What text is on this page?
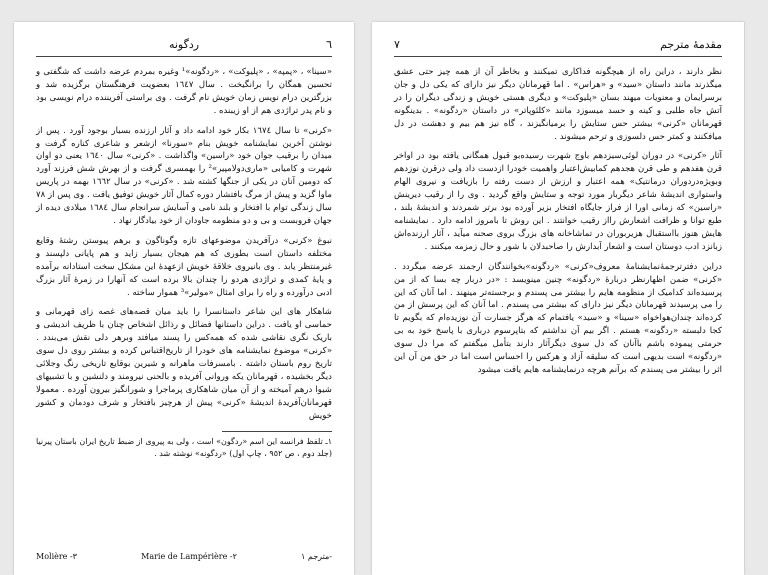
٦
ردگونه

«سینا» ، «پمپه» ، «پلیوکت» ، «ردگونه»¹ وغیره بمردم عرضه داشت که شگفتی و تحسین همگان را برانگیخت . سال ١٦٤٧ بعضویت فرهنگستان برگزیده شد و بزرگترین درام نویس زمان خویش نام گرفت . وی براستی آفریننده درام نویسی بود و نام پدر تراژدی هم از او زیبنده .

«کرنی» تا سال ١٦٧٤ بکار خود ادامه داد و آثار ارزنده بسیار بوجود آورد . پس از نوشتن آخرین نمایشنامه خویش بنام «سورنا» ازشعر و شاعری کناره گرفت و میدان را برقیب جوان خود «راسین» واگذاشت . «کرنی» سال ١٦٤٠ یعنی دو اوان شهرت و کامیابی «ماری‌دولامپیر»² را بهمسری گرفت و از بهرش شش فرزند آورد که دومین آنان در یکی از جنگها کشته شد . «کرنی» در سال ١٦٦٢ بهمه در پاریس ماوا گزید و پیش از مرگ بافتشار دوره کمال آثار خویش توفیق یافت . وی پس از ٧٨ سال زندگی توام با افتخار و بلند نامی و آسایش سرانجام سال ١٦٨٤ میلادی دیده از جهان فروبست و بی و دو منظومه جاودان از خود بیادگار نهاد .

نبوغ «کرنی» درآفریدن موضوعهای تازه وگوناگون و برهم پیوستن رشتهٔ وقایع مختلفه داستان است بطوری که هم هیجان بسیار زاید و هم پایانی دلپسند و غیرمنتظر یابد . وی بانیروی خلاقهٔ خویش ازعهدهٔ این مشکل سخت استادانه برآمده و پایهٔ کمدی و تراژدی هردو را چندان بالا برده است که آنهارا در زمرهٔ آثار بزرگ ادبی درآورده و راه را برای امثال «مولیر»³ هموار ساخته .

شاهکار های این شاعر داستانسرا را باید میان قصه‌های غصه زای قهرمانی و حماسی او یافت . دراین داستانها فضائل و رذائل اشخاص چنان با ظریف اندیشی و باریک نگری نقاشی شده که همه‌کس را پسند میافتد وبرهر دلی نقش می‌بندد . «کرنی» موضوع نمایشنامه های خودرا از تاریخ‌اقتباس کرده و بیشتر روی دل سوی تاریخ روم باستان داشته . بامسرفات ماهرانه و شیرین بوقایع تاریخی رنگ وجلائی دیگر بخشیده ، قهرمانان یکه وروانی آفریده و بالحنی نیرومند و دلنشین و با تشبیهای شیوا درهم آمیخته و از آن میان شاهکاری پرماجرا و شورانگیز بیرون آورده . معمولا قهرمانان‌آفریدهٔ اندیشهٔ «کرنی» پیش از هرچیز بافتخار و شرف دودمان و کشور خویش

١ـ تلفظ فرانسه این اسم «ردگون» است ، ولی به پیروی از ضبط تاریخ ایران باستان پیرنیا (جلد دوم ، ص ٩٥٢ ، چاپ اول) «ردگونه» نوشته شد .

مترجم ١-
Marie de Lampérière -٢
Molière -٣
٧	مقدمهٔ مترجم

نظر دارند ، دراین راه از هیچگونه فداکاری تمیکنند و بخاطر آن از همه چیز حتی عشق میگذرند مانند داستان «سید» و «هراس» . اما قهرمانان دیگر نیز دارای که یکی دل و جان برسرایمان و معنویات میهند بسان «پلیوکت» و دیگری هستی خویش و زندگی دیگران را در آتش جاه طلبی و کینه و حسد میسوزد مانند «کلئوپاتر» در داستان «ردگونه» . بدینگونه قهرمانان «کرنی» بیشتر حس ستایش را برمیانگیزند ، گاه نیز هم بیم و دهشت در دل میافکنند و کمتر حس دلسوزی و ترحم میشوند .

آثار «کرنی» در دوران لوئی‌سیزدهم باوج شهرت رسیده‌بو قبول همگانی یافته بود در اواخر قرن هفدهم و طی قرن هجدهم کمابیش‌اعتبار واهمیت خودرا ازدست داد ولی درقرن نوزدهم وبویژه‌دردوران درمانتیک» همه اعتبار و ارزش از دست رفته را بازیافت و نیروی الهام واستواری اندیشهٔ شاعر دیگربار مورد توجه و ستایش واقع گردید . وی را از رقیب دیرینش «راسین» که زمانی اورا از فراز جایگاه افتخار بزیر آورده بود برتر شمردند و اندیشهٔ بلند ، طبع توانا و ظرافت اشعارش رااز رقیب خوانتند . این روش تا بامروز ادامه دارد . نمایشنامه هایش هنوز بااستقبال هزیربوران در تماشاخانه های بزرگ بروی صحنه میآید ، آثار ارزنده‌اش زبانزد ادب دوستان است و اشعار آبدارش را صاحبدلان با شور و حال زمزمه میکنند .

دراین دفترترجمهٔ‌نمایشنامهٔ معروف«کرنی» «ردگونه»‌بخوانندگان ارجمند عرضه میگردد . «کرنی» ضمن اظهارنظر دربارهٔ «ردگونه» چنین مینویسد : «در دربار چه بسا که از من پرسیده‌اند کدامیک از منظومه هایم را بیشتر می پسندم و برجسته‌تر مینهند . اما آنان که این را می پرسیدند قهرمانان دیگر نیز دارای که بیشتر می پسندم . اما آنان که این پرسش از من کرده‌اند چندان‌هواخواه «سینا» و «سید» یافتمام که هرگز جسارت آن نوزیده‌ام که بگویم تا کجا دلبسته «ردگونه» هستم . اگر بیم آن نداشتم که بتاپرسوم درباری با پاسخ خود به بی حرمتی پیموده باشم باآنان که دل سوی دیگرآثار دارند بتأمل میگفتم که مرا دل سوی «ردگونه» است بدیهی است که سلیقه آزاد و هرکس را احساس است اما در حق من آن این اثر را بیشتر می پسندم که برآنم هرچه درنمایشنامه هایم یافت میشود
